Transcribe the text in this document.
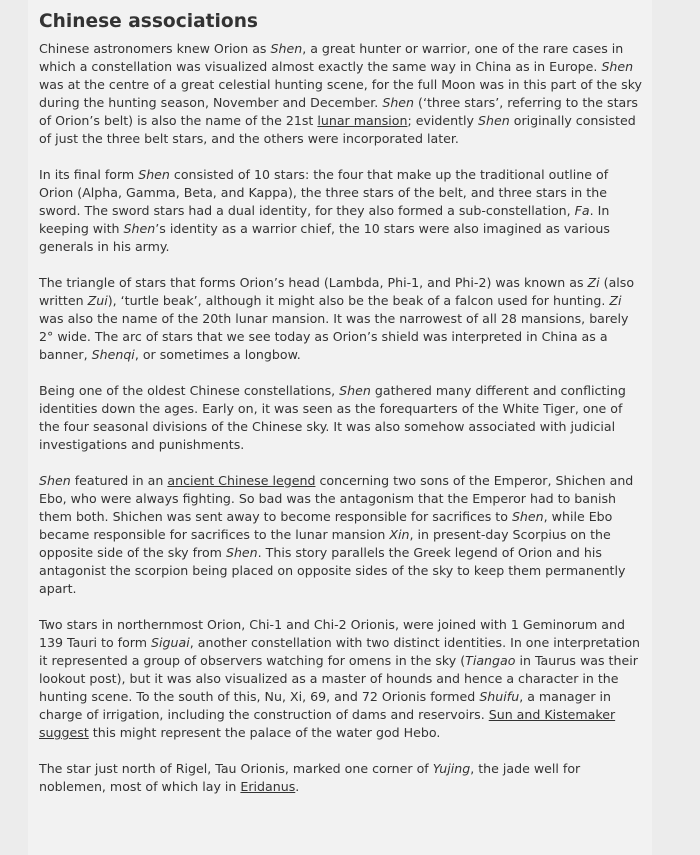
Chinese associations

Chinese astronomers knew Orion as Shen, a great hunter or warrior, one of the rare cases in which a constellation was visualized almost exactly the same way in China as in Europe. Shen was at the centre of a great celestial hunting scene, for the full Moon was in this part of the sky during the hunting season, November and December. Shen (‘three stars’, referring to the stars of Orion’s belt) is also the name of the 21st lunar mansion; evidently Shen originally consisted of just the three belt stars, and the others were incorporated later.

In its final form Shen consisted of 10 stars: the four that make up the traditional outline of Orion (Alpha, Gamma, Beta, and Kappa), the three stars of the belt, and three stars in the sword. The sword stars had a dual identity, for they also formed a sub-constellation, Fa. In keeping with Shen’s identity as a warrior chief, the 10 stars were also imagined as various generals in his army.

The triangle of stars that forms Orion’s head (Lambda, Phi-1, and Phi-2) was known as Zi (also written Zui), ‘turtle beak’, although it might also be the beak of a falcon used for hunting. Zi was also the name of the 20th lunar mansion. It was the narrowest of all 28 mansions, barely 2° wide. The arc of stars that we see today as Orion’s shield was interpreted in China as a banner, Shenqi, or sometimes a longbow.

Being one of the oldest Chinese constellations, Shen gathered many different and conflicting identities down the ages. Early on, it was seen as the forequarters of the White Tiger, one of the four seasonal divisions of the Chinese sky. It was also somehow associated with judicial investigations and punishments.

Shen featured in an ancient Chinese legend concerning two sons of the Emperor, Shichen and Ebo, who were always fighting. So bad was the antagonism that the Emperor had to banish them both. Shichen was sent away to become responsible for sacrifices to Shen, while Ebo became responsible for sacrifices to the lunar mansion Xin, in present-day Scorpius on the opposite side of the sky from Shen. This story parallels the Greek legend of Orion and his antagonist the scorpion being placed on opposite sides of the sky to keep them permanently apart.

Two stars in northernmost Orion, Chi-1 and Chi-2 Orionis, were joined with 1 Geminorum and 139 Tauri to form Siguai, another constellation with two distinct identities. In one interpretation it represented a group of observers watching for omens in the sky (Tiangao in Taurus was their lookout post), but it was also visualized as a master of hounds and hence a character in the hunting scene. To the south of this, Nu, Xi, 69, and 72 Orionis formed Shuifu, a manager in charge of irrigation, including the construction of dams and reservoirs. Sun and Kistemaker suggest this might represent the palace of the water god Hebo.

The star just north of Rigel, Tau Orionis, marked one corner of Yujing, the jade well for noblemen, most of which lay in Eridanus.
